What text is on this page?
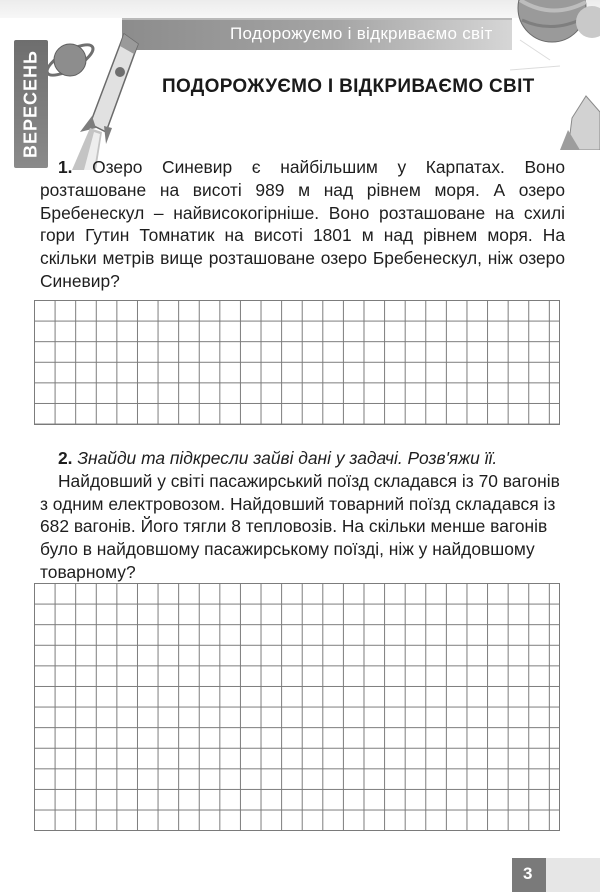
Подорожуємо і відкриваємо світ
ВЕРЕСЕНЬ	ПОДОРОЖУЄМО І ВІДКРИВАЄМО СВІТ
1. Озеро Синевир є найбільшим у Карпатах. Воно розташоване на висоті 989 м над рівнем моря. А озеро Бребенескул – найвисокогірніше. Воно розташоване на схилі гори Гутин Томнатик на висоті 1801 м над рівнем моря. На скільки метрів вище розташоване озеро Бребенескул, ніж озеро Синевир?
2. Знайди та підкресли зайві дані у задачі. Розв'яжи її.
Найдовший у світі пасажирський поїзд складався із 70 вагонів з одним електровозом. Найдовший товарний поїзд складався із 682 вагонів. Його тягли 8 тепловозів. На скільки менше вагонів було в найдовшому пасажирському поїзді, ніж у найдовшому товарному?
3
